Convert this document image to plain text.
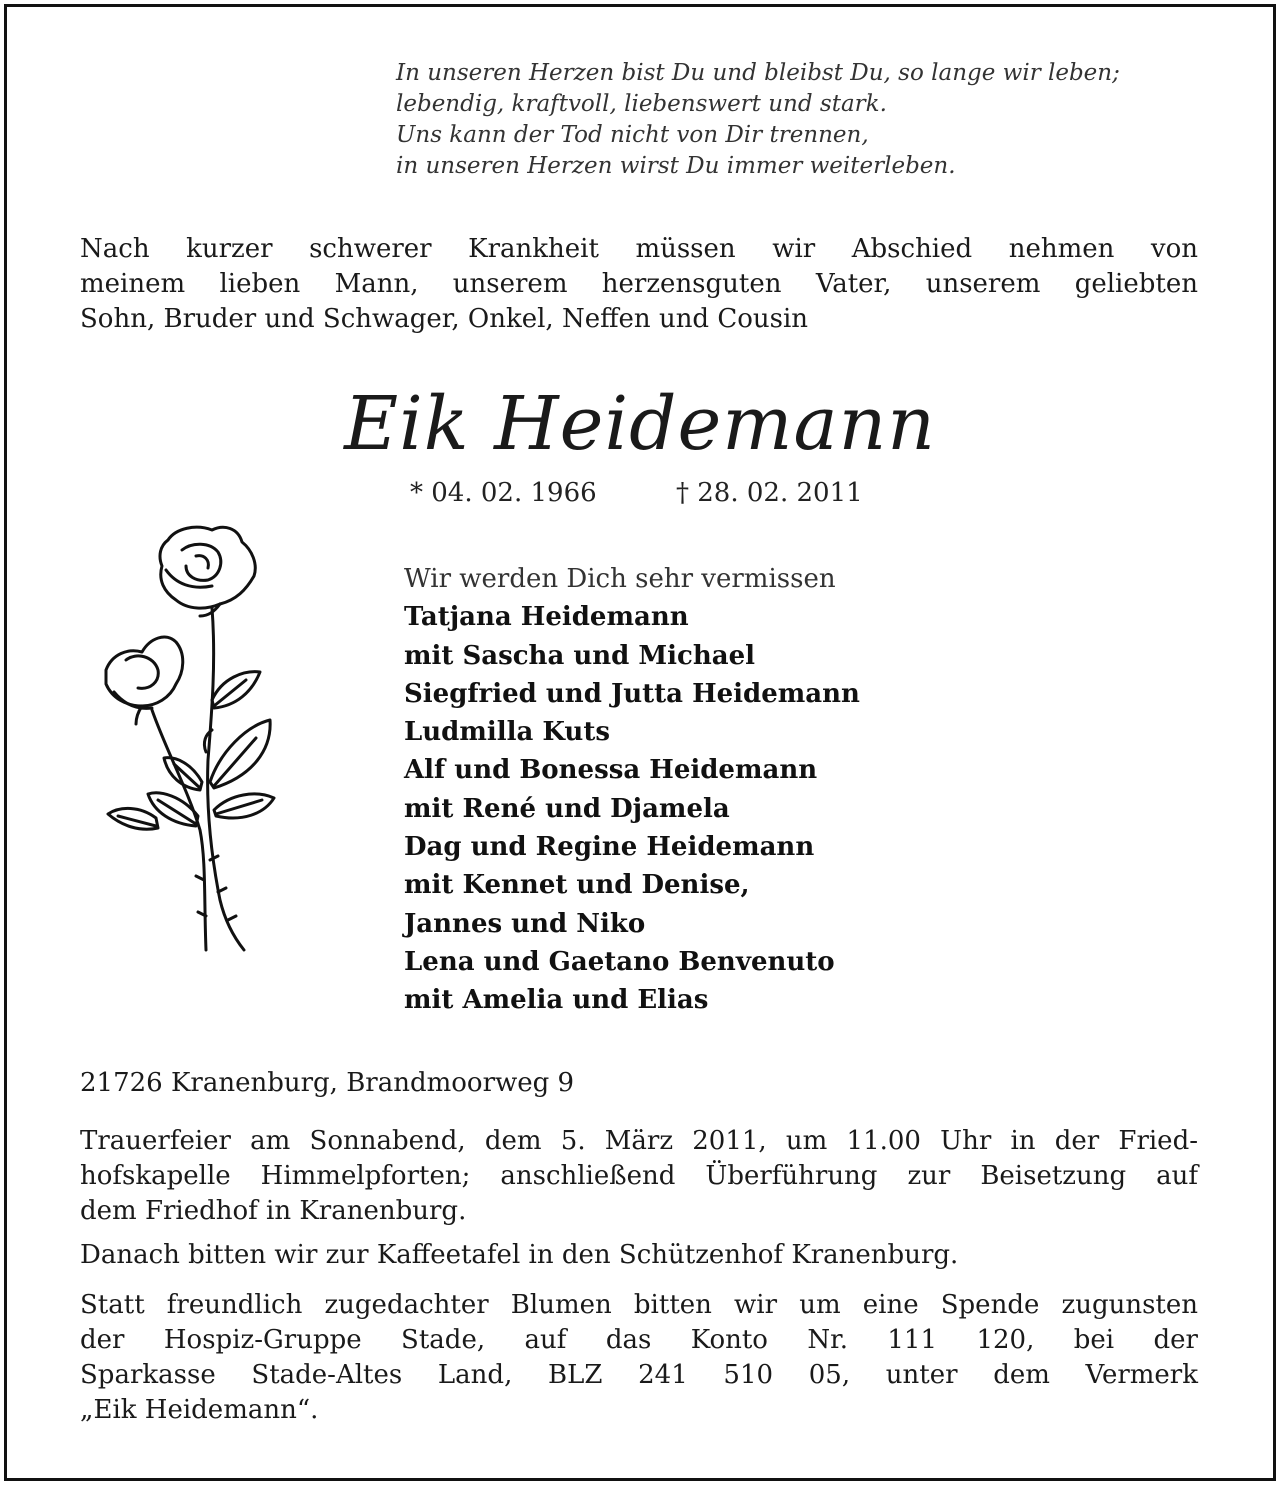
In unseren Herzen bist Du und bleibst Du, so lange wir leben;
lebendig, kraftvoll, liebenswert und stark.
Uns kann der Tod nicht von Dir trennen,
in unseren Herzen wirst Du immer weiterleben.
Nach kurzer schwerer Krankheit müssen wir Abschied nehmen von
meinem lieben Mann, unserem herzensguten Vater, unserem geliebten
Sohn, Bruder und Schwager, Onkel, Neffen und Cousin
Eik Heidemann
* 04. 02. 1966	† 28. 02. 2011
Wir werden Dich sehr vermissen
Tatjana Heidemann
mit Sascha und Michael
Siegfried und Jutta Heidemann
Ludmilla Kuts
Alf und Bonessa Heidemann
mit René und Djamela
Dag und Regine Heidemann
mit Kennet und Denise,
Jannes und Niko
Lena und Gaetano Benvenuto
mit Amelia und Elias
21726 Kranenburg, Brandmoorweg 9
Trauerfeier am Sonnabend, dem 5. März 2011, um 11.00 Uhr in der Fried-
hofskapelle Himmelpforten; anschließend Überführung zur Beisetzung auf
dem Friedhof in Kranenburg.
Danach bitten wir zur Kaffeetafel in den Schützenhof Kranenburg.
Statt freundlich zugedachter Blumen bitten wir um eine Spende zugunsten
der Hospiz-Gruppe Stade, auf das Konto Nr. 111 120, bei der
Sparkasse Stade-Altes Land, BLZ 241 510 05, unter dem Vermerk
„Eik Heidemann“.
